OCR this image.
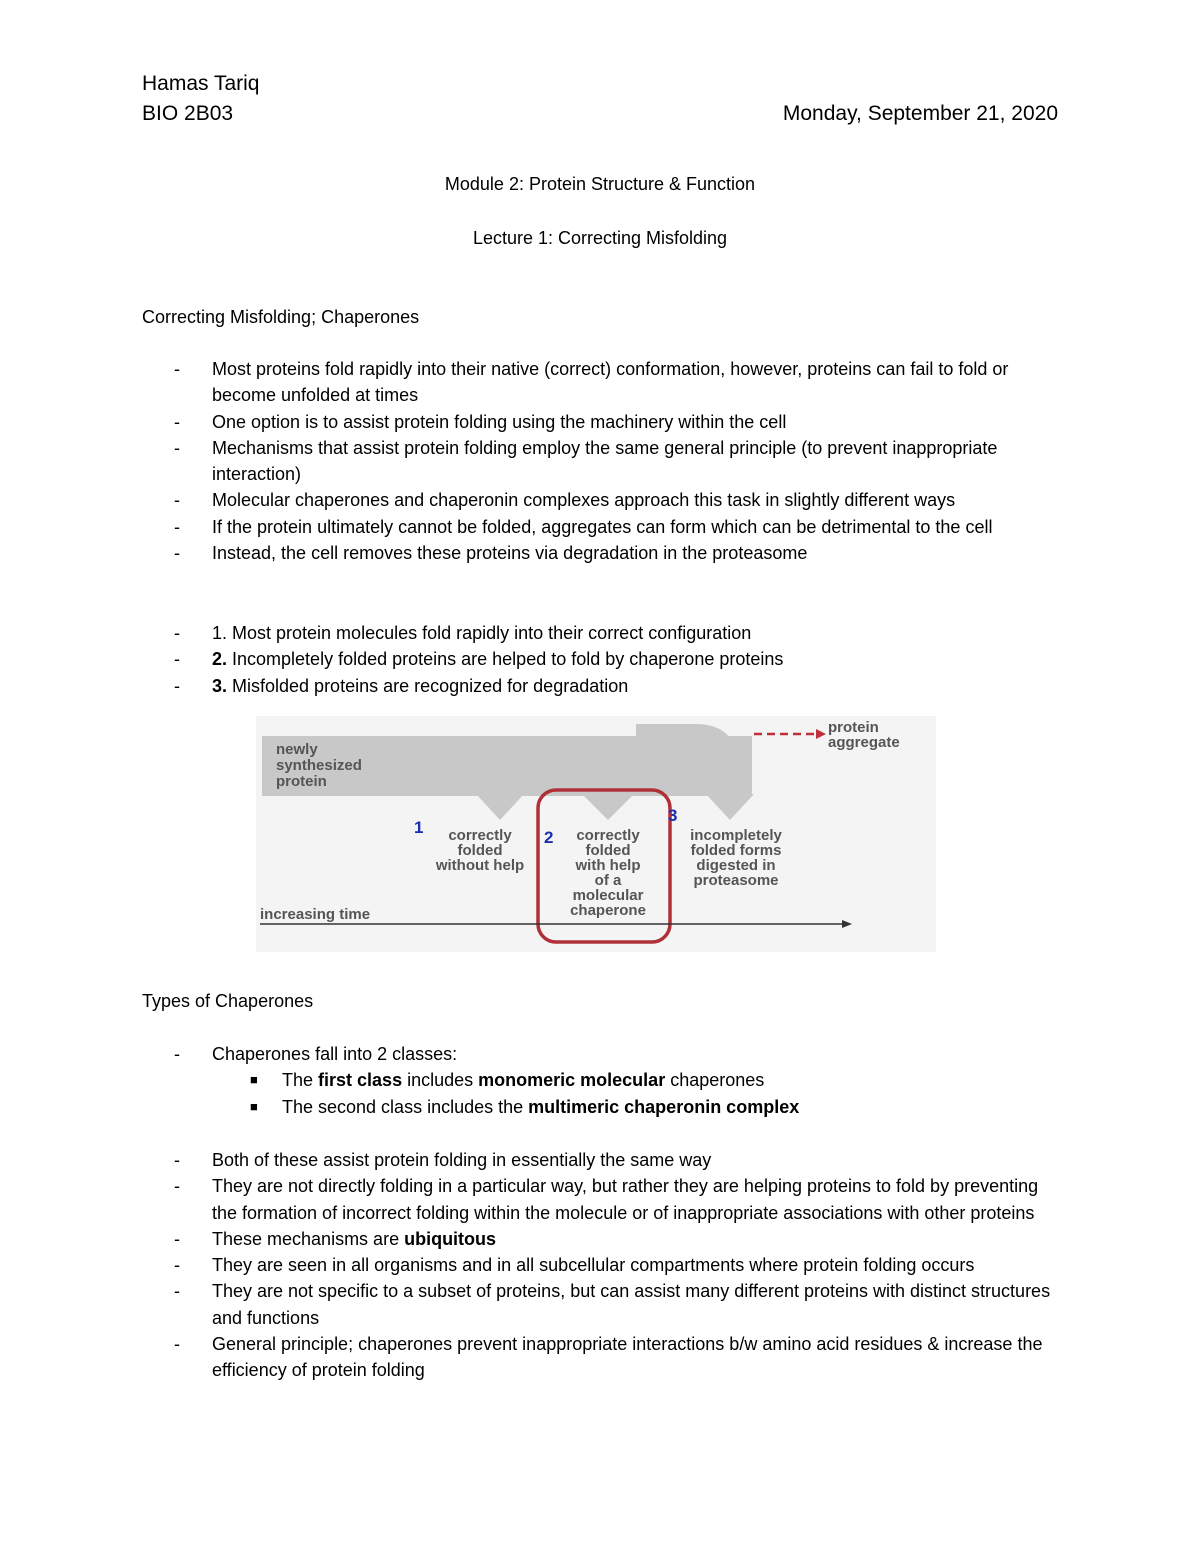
Hamas Tariq
BIO 2B03	Monday, September 21, 2020
Module 2: Protein Structure & Function
Lecture 1: Correcting Misfolding
Correcting Misfolding; Chaperones
- Most proteins fold rapidly into their native (correct) conformation, however, proteins can fail to fold or become unfolded at times
- One option is to assist protein folding using the machinery within the cell
- Mechanisms that assist protein folding employ the same general principle (to prevent inappropriate interaction)
- Molecular chaperones and chaperonin complexes approach this task in slightly different ways
- If the protein ultimately cannot be folded, aggregates can form which can be detrimental to the cell
- Instead, the cell removes these proteins via degradation in the proteasome
- 1. Most protein molecules fold rapidly into their correct configuration
- 2. Incompletely folded proteins are helped to fold by chaperone proteins
- 3. Misfolded proteins are recognized for degradation
newly
synthesized
protein
protein
aggregate
1
2
3
correctly
folded
without help
correctly
folded
with help
of a
molecular
chaperone
incompletely
folded forms
digested in
proteasome
increasing time
Types of Chaperones
- Chaperones fall into 2 classes:
■ The first class includes monomeric molecular chaperones
■ The second class includes the multimeric chaperonin complex
- Both of these assist protein folding in essentially the same way
- They are not directly folding in a particular way, but rather they are helping proteins to fold by preventing the formation of incorrect folding within the molecule or of inappropriate associations with other proteins
- These mechanisms are ubiquitous
- They are seen in all organisms and in all subcellular compartments where protein folding occurs
- They are not specific to a subset of proteins, but can assist many different proteins with distinct structures and functions
- General principle; chaperones prevent inappropriate interactions b/w amino acid residues & increase the efficiency of protein folding
